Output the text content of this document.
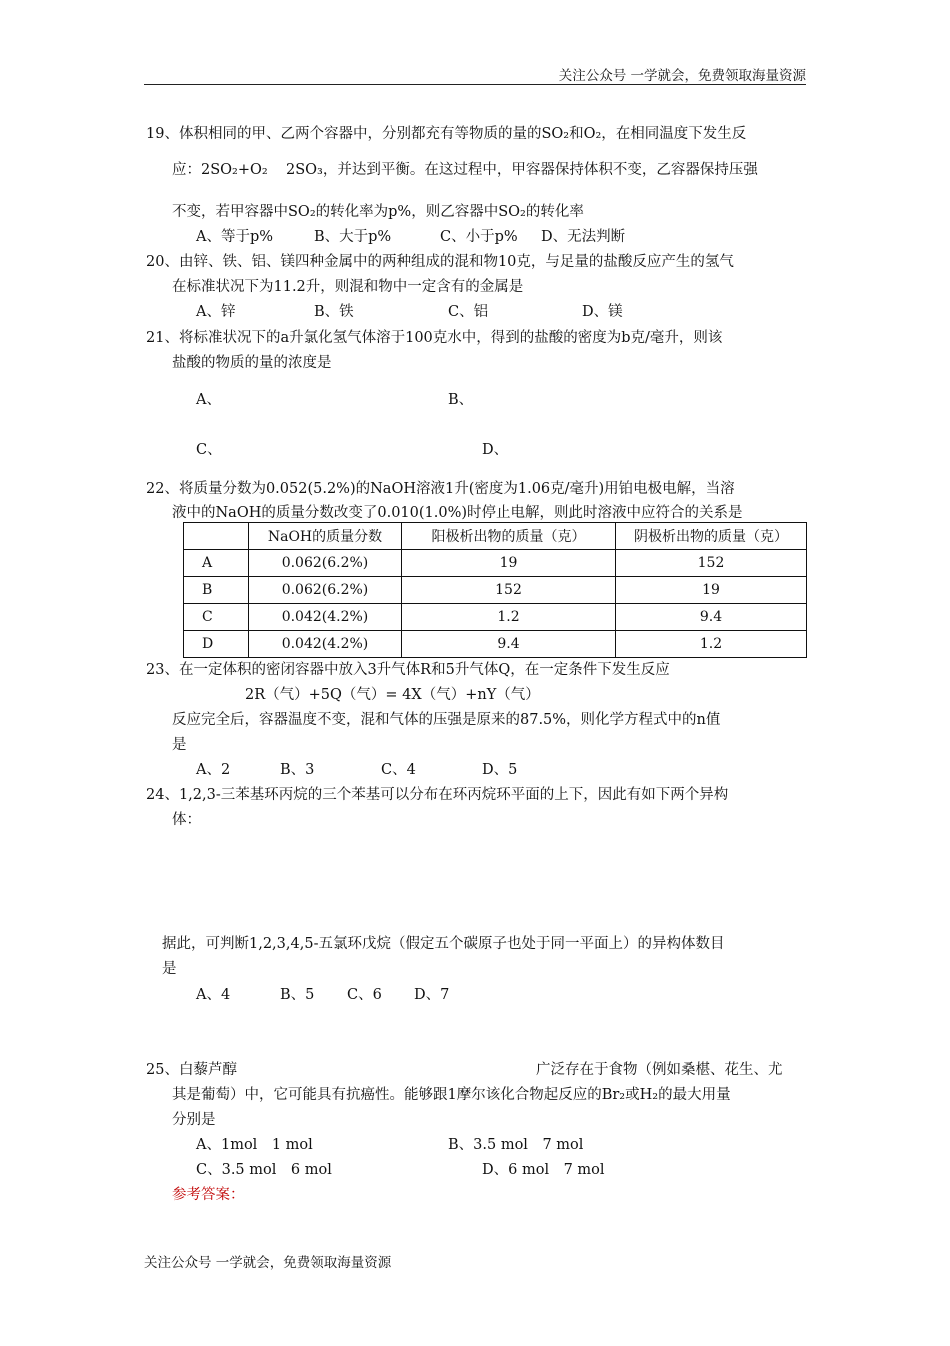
关注公众号 一学就会，免费领取海量资源
19、体积相同的甲、乙两个容器中，分别都充有等物质的量的SO₂和O₂，在相同温度下发生反
应：2SO₂+O₂ 2SO₃，并达到平衡。在这过程中，甲容器保持体积不变，乙容器保持压强
不变，若甲容器中SO₂的转化率为p%，则乙容器中SO₂的转化率
A、等于p%	B、大于p%	C、小于p% D、无法判断
20、由锌、铁、铝、镁四种金属中的两种组成的混和物10克，与足量的盐酸反应产生的氢气
在标准状况下为11.2升，则混和物中一定含有的金属是
A、锌	B、铁	C、铝	D、镁
21、将标准状况下的a升氯化氢气体溶于100克水中，得到的盐酸的密度为b克/毫升，则该
盐酸的物质的量的浓度是
A、	B、
C、	D、
22、将质量分数为0.052(5.2%)的NaOH溶液1升(密度为1.06克/毫升)用铂电极电解，当溶
液中的NaOH的质量分数改变了0.010(1.0%)时停止电解，则此时溶液中应符合的关系是
	NaOH的质量分数	阳极析出物的质量（克）	阴极析出物的质量（克）
A	0.062(6.2%)	19	152
B	0.062(6.2%)	152	19
C	0.042(4.2%)	1.2	9.4
D	0.042(4.2%)	9.4	1.2
23、在一定体积的密闭容器中放入3升气体R和5升气体Q，在一定条件下发生反应
2R（气）+5Q（气）= 4X（气）+nY（气）
反应完全后，容器温度不变，混和气体的压强是原来的87.5%，则化学方程式中的n值
是
A、2	B、3	C、4	D、5
24、1,2,3-三苯基环丙烷的三个苯基可以分布在环丙烷环平面的上下，因此有如下两个异构
体：
据此，可判断1,2,3,4,5-五氯环戊烷（假定五个碳原子也处于同一平面上）的异构体数目
是
A、4	B、5 C、6 D、7
25、白藜芦醇	广泛存在于食物（例如桑椹、花生、尤
其是葡萄）中，它可能具有抗癌性。能够跟1摩尔该化合物起反应的Br₂或H₂的最大用量
分别是
A、1mol　1 mol	B、3.5 mol　7 mol
C、3.5 mol　6 mol	D、6 mol　7 mol
参考答案：
关注公众号 一学就会，免费领取海量资源
